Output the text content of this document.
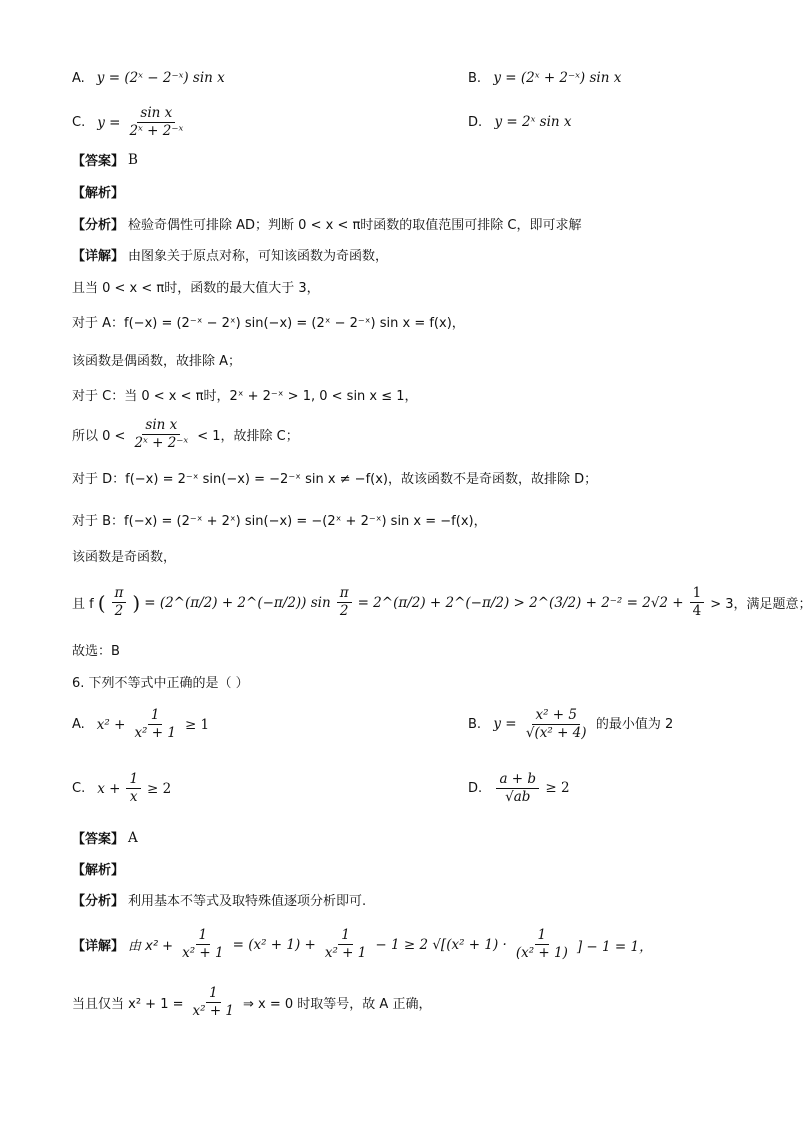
A. y = (2ˣ − 2⁻ˣ) sin x	B. y = (2ˣ + 2⁻ˣ) sin x
C. $y = \frac{\text{sin x}}{\text{2ˣ + 2⁻ˣ}}$	D. y = 2ˣ sin x
【答案】 B
【解析】
【分析】 检验奇偶性可排除 AD；判断 0 < x < π时函数的取值范围可排除 C，即可求解
【详解】 由图象关于原点对称，可知该函数为奇函数，
且当 0 < x < π时，函数的最大值大于 3，
对于 A：f(−x) = (2⁻ˣ − 2ˣ) sin(−x) = (2ˣ − 2⁻ˣ) sin x = f(x)，
该函数是偶函数，故排除 A；
对于 C：当 0 < x < π时，2ˣ + 2⁻ˣ > 1, 0 < sin x ≤ 1，
所以 $0 < \frac{\text{sin x}}{\text{2ˣ + 2⁻ˣ}} < 1$，故排除 C；
对于 D：f(−x) = 2⁻ˣ sin(−x) = −2⁻ˣ sin x ≠ −f(x)，故该函数不是奇函数，故排除 D；
对于 B：f(−x) = (2⁻ˣ + 2ˣ) sin(−x) = −(2ˣ + 2⁻ˣ) sin x = −f(x)，
该函数是奇函数，
且 f ( $\frac{\pi}{2}$ ) = (2^(π/2) + 2^(−π/2)) $\sin \frac{\pi}{2}$ = 2^(π/2) + 2^(−π/2) > 2^(3/2) + $2^{-2} = 2√2 + \frac{1}{4} > 3$，满足题意；
故选：B
6. 下列不等式中正确的是（ ）
A. $x^2 + \frac{1}{\text{x² + 1}} \ge 1$	B. $y = \frac{\text{x² + 5}}{\text{√(x² + 4)}}$ 的最小值为 2
C. $x + \frac{1}{x} \ge 2$	D. $\frac{a + b}{√ab} \ge 2$
【答案】 A
【解析】
【分析】 利用基本不等式及取特殊值逐项分析即可.
【详解】 由 $x^2 + \frac{1}{\text{x² + 1}} = (x^2 + 1) + \frac{1}{\text{x² + 1}} - 1 \ge 2$ $√[(x^2 + 1) \cdot \frac{1}{\text{(x² + 1)}}$ ] − 1 = 1，
当且仅当 $x^2 + 1 = \frac{1}{\text{x² + 1}}$ ⇒ x = 0 时取等号，故 A 正确，
